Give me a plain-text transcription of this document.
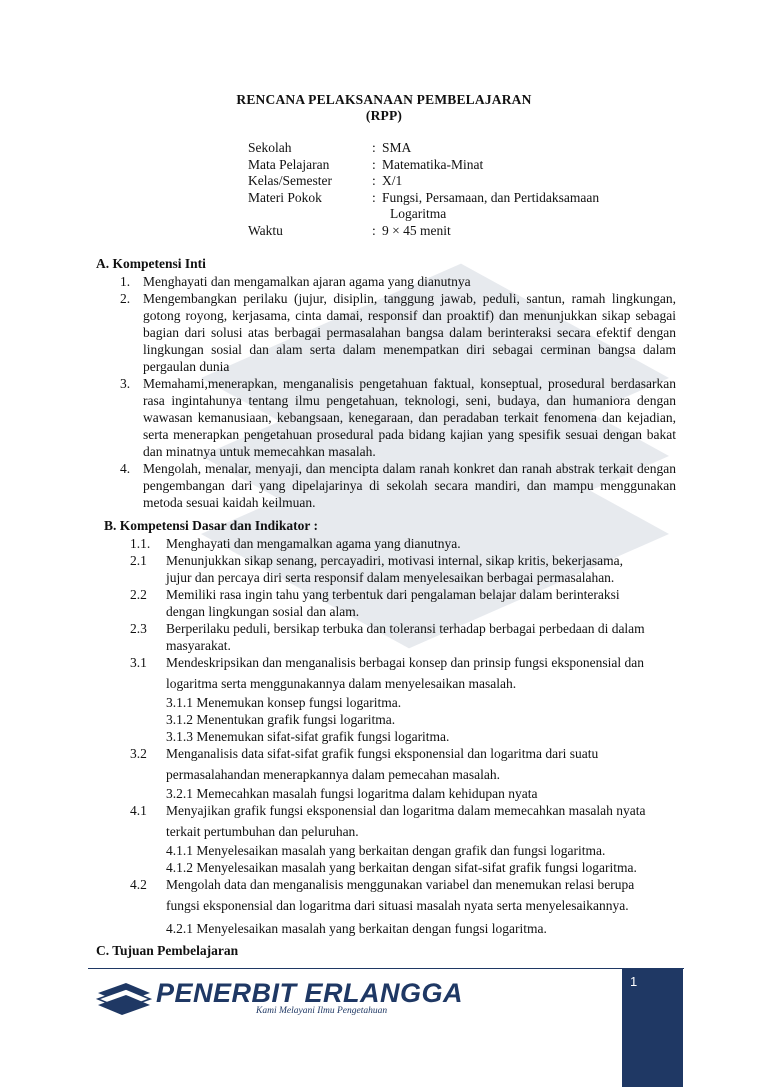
RENCANA PELAKSANAAN PEMBELAJARAN
(RPP)
Sekolah	: SMA
Mata Pelajaran	: Matematika-Minat
Kelas/Semester	: X/1
Materi Pokok	: Fungsi, Persamaan, dan Pertidaksamaan
Logaritma
Waktu	: 9 × 45 menit
A. Kompetensi Inti
1. Menghayati dan mengamalkan ajaran agama yang dianutnya
2. Mengembangkan perilaku (jujur, disiplin, tanggung jawab, peduli, santun, ramah lingkungan, gotong royong, kerjasama, cinta damai, responsif dan proaktif) dan menunjukkan sikap sebagai bagian dari solusi atas berbagai permasalahan bangsa dalam berinteraksi secara efektif dengan lingkungan sosial dan alam serta dalam menempatkan diri sebagai cerminan bangsa dalam pergaulan dunia
3. Memahami,menerapkan, menganalisis pengetahuan faktual, konseptual, prosedural berdasarkan rasa ingintahunya tentang ilmu pengetahuan, teknologi, seni, budaya, dan humaniora dengan wawasan kemanusiaan, kebangsaan, kenegaraan, dan peradaban terkait fenomena dan kejadian, serta menerapkan pengetahuan prosedural pada bidang kajian yang spesifik sesuai dengan bakat dan minatnya untuk memecahkan masalah.
4. Mengolah, menalar, menyaji, dan mencipta dalam ranah konkret dan ranah abstrak terkait dengan pengembangan dari yang dipelajarinya di sekolah secara mandiri, dan mampu menggunakan metoda sesuai kaidah keilmuan.
B. Kompetensi Dasar dan Indikator :
1.1. Menghayati dan mengamalkan agama yang dianutnya.
2.1 Menunjukkan sikap senang, percayadiri, motivasi internal, sikap kritis, bekerjasama,
jujur dan percaya diri serta responsif dalam menyelesaikan berbagai permasalahan.
2.2 Memiliki rasa ingin tahu yang terbentuk dari pengalaman belajar dalam berinteraksi
dengan lingkungan sosial dan alam.
2.3 Berperilaku peduli, bersikap terbuka dan toleransi terhadap berbagai perbedaan di dalam
masyarakat.
3.1 Mendeskripsikan dan menganalisis berbagai konsep dan prinsip fungsi eksponensial dan
logaritma serta menggunakannya dalam menyelesaikan masalah.
3.1.1 Menemukan konsep fungsi logaritma.
3.1.2 Menentukan grafik fungsi logaritma.
3.1.3 Menemukan sifat-sifat grafik fungsi logaritma.
3.2 Menganalisis data sifat-sifat grafik fungsi eksponensial dan logaritma dari suatu
permasalahandan menerapkannya dalam pemecahan masalah.
3.2.1 Memecahkan masalah fungsi logaritma dalam kehidupan nyata
4.1 Menyajikan grafik fungsi eksponensial dan logaritma dalam memecahkan masalah nyata
terkait pertumbuhan dan peluruhan.
4.1.1 Menyelesaikan masalah yang berkaitan dengan grafik dan fungsi logaritma.
4.1.2 Menyelesaikan masalah yang berkaitan dengan sifat-sifat grafik fungsi logaritma.
4.2 Mengolah data dan menganalisis menggunakan variabel dan menemukan relasi berupa
fungsi eksponensial dan logaritma dari situasi masalah nyata serta menyelesaikannya.
4.2.1 Menyelesaikan masalah yang berkaitan dengan fungsi logaritma.
C. Tujuan Pembelajaran
PENERBIT ERLANGGA
Kami Melayani Ilmu Pengetahuan
1
